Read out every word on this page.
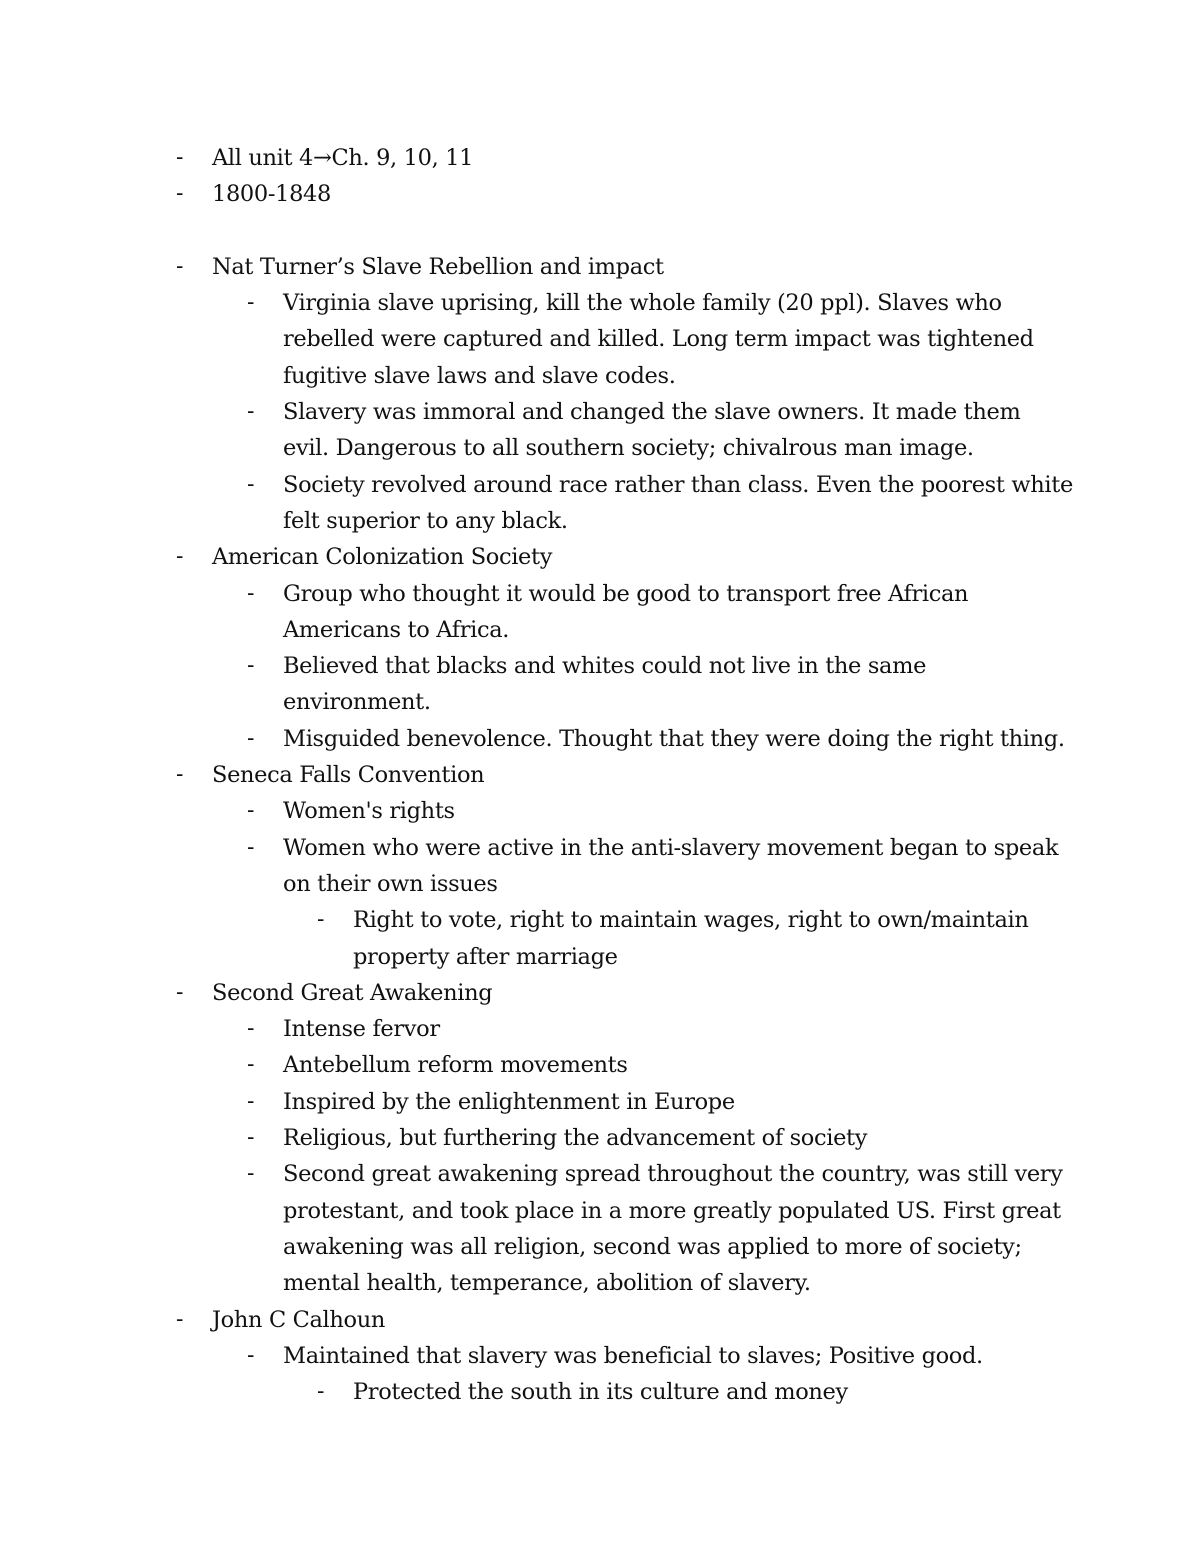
- All unit 4→Ch. 9, 10, 11
- 1800-1848
- Nat Turner’s Slave Rebellion and impact
- Virginia slave uprising, kill the whole family (20 ppl). Slaves who
rebelled were captured and killed. Long term impact was tightened
fugitive slave laws and slave codes.
- Slavery was immoral and changed the slave owners. It made them
evil. Dangerous to all southern society; chivalrous man image.
- Society revolved around race rather than class. Even the poorest white
felt superior to any black.
- American Colonization Society
- Group who thought it would be good to transport free African
Americans to Africa.
- Believed that blacks and whites could not live in the same
environment.
- Misguided benevolence. Thought that they were doing the right thing.
- Seneca Falls Convention
- Women's rights
- Women who were active in the anti-slavery movement began to speak
on their own issues
- Right to vote, right to maintain wages, right to own/maintain
property after marriage
- Second Great Awakening
- Intense fervor
- Antebellum reform movements
- Inspired by the enlightenment in Europe
- Religious, but furthering the advancement of society
- Second great awakening spread throughout the country, was still very
protestant, and took place in a more greatly populated US. First great
awakening was all religion, second was applied to more of society;
mental health, temperance, abolition of slavery.
- John C Calhoun
- Maintained that slavery was beneficial to slaves; Positive good.
- Protected the south in its culture and money
